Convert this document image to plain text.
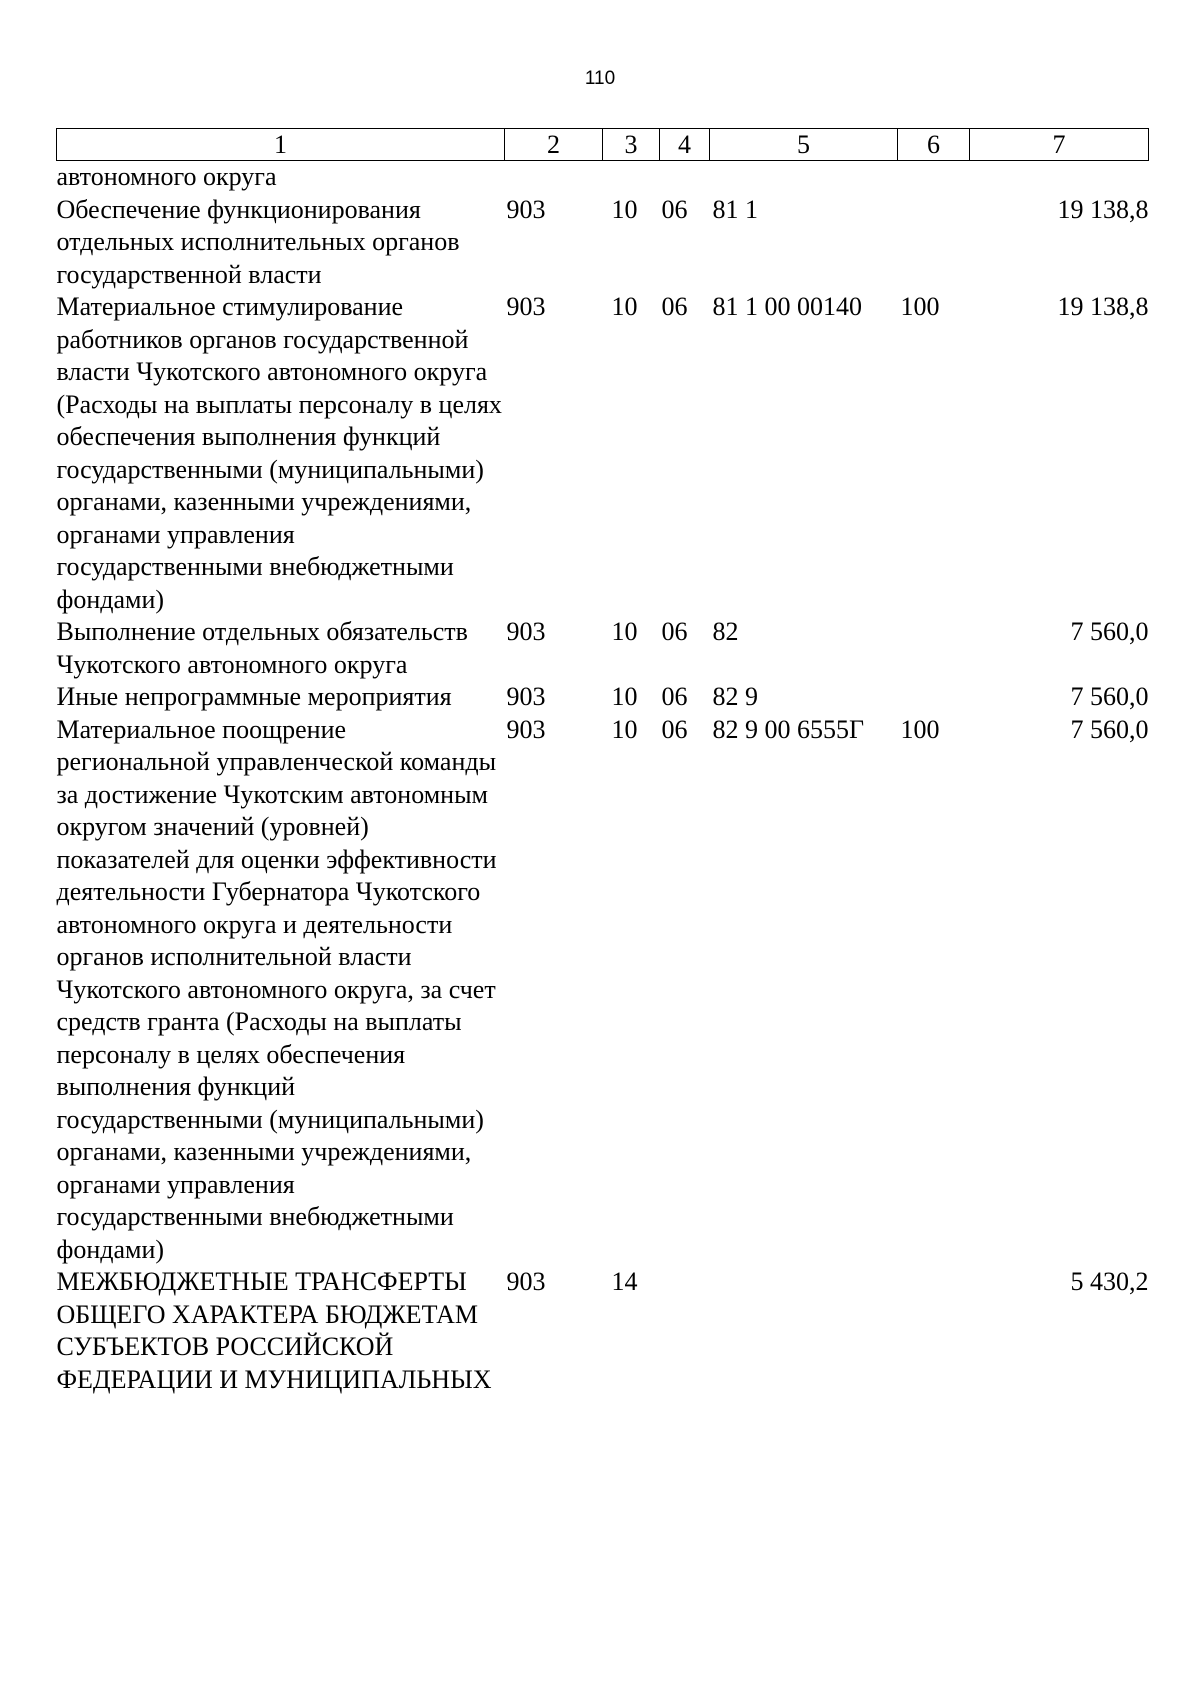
110
1	2	3	4	5	6	7
автономного округа						
Обеспечение функционирования отдельных исполнительных органов государственной власти	903	10	06	81 1		19 138,8
Материальное стимулирование работников органов государственной власти Чукотского автономного округа (Расходы на выплаты персоналу в целях обеспечения выполнения функций государственными (муниципальными) органами, казенными учреждениями, органами управления государственными внебюджетными фондами)	903	10	06	81 1 00 00140	100	19 138,8
Выполнение отдельных обязательств Чукотского автономного округа	903	10	06	82		7 560,0
Иные непрограммные мероприятия	903	10	06	82 9		7 560,0
Материальное поощрение региональной управленческой команды за достижение Чукотским автономным округом значений (уровней) показателей для оценки эффективности деятельности Губернатора Чукотского автономного округа и деятельности органов исполнительной власти Чукотского автономного округа, за счет средств гранта (Расходы на выплаты персоналу в целях обеспечения выполнения функций государственными (муниципальными) органами, казенными учреждениями, органами управления государственными внебюджетными фондами)	903	10	06	82 9 00 6555Г	100	7 560,0
МЕЖБЮДЖЕТНЫЕ ТРАНСФЕРТЫ ОБЩЕГО ХАРАКТЕРА БЮДЖЕТАМ СУБЪЕКТОВ РОССИЙСКОЙ ФЕДЕРАЦИИ И МУНИЦИПАЛЬНЫХ	903	14				5 430,2
